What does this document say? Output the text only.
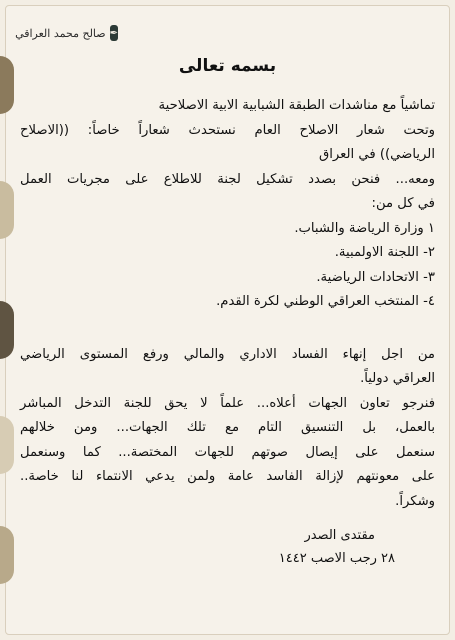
✒
صالح محمد العراقي
بسمه تعالى
تماشياً مع مناشدات الطبقة الشبابية الابية الاصلاحية
وتحت شعار الاصلاح العام نستحدث شعاراً خاصاً: ((الاصلاح
الرياضي)) في العراق
ومعه... فنحن بصدد تشكيل لجنة للاطلاع على مجريات العمل
في كل من:
١ وزارة الرياضة والشباب.
٢- اللجنة الاولمبية.
٣- الاتحادات الرياضية.
٤- المنتخب العراقي الوطني لكرة القدم.
من اجل إنهاء الفساد الاداري والمالي ورفع المستوى الرياضي
العراقي دولياً.
فنرجو تعاون الجهات أعلاه... علماً لا يحق للجنة التدخل المباشر
بالعمل، بل التنسيق التام مع تلك الجهات... ومن خلالهم
سنعمل على إيصال صوتهم للجهات المختصة... كما وسنعمل
على معونتهم لإزالة الفاسد عامة ولمن يدعي الانتماء لنا خاصة..
وشكراً.
مقتدى الصدر
٢٨ رجب الاصب ١٤٤٢
